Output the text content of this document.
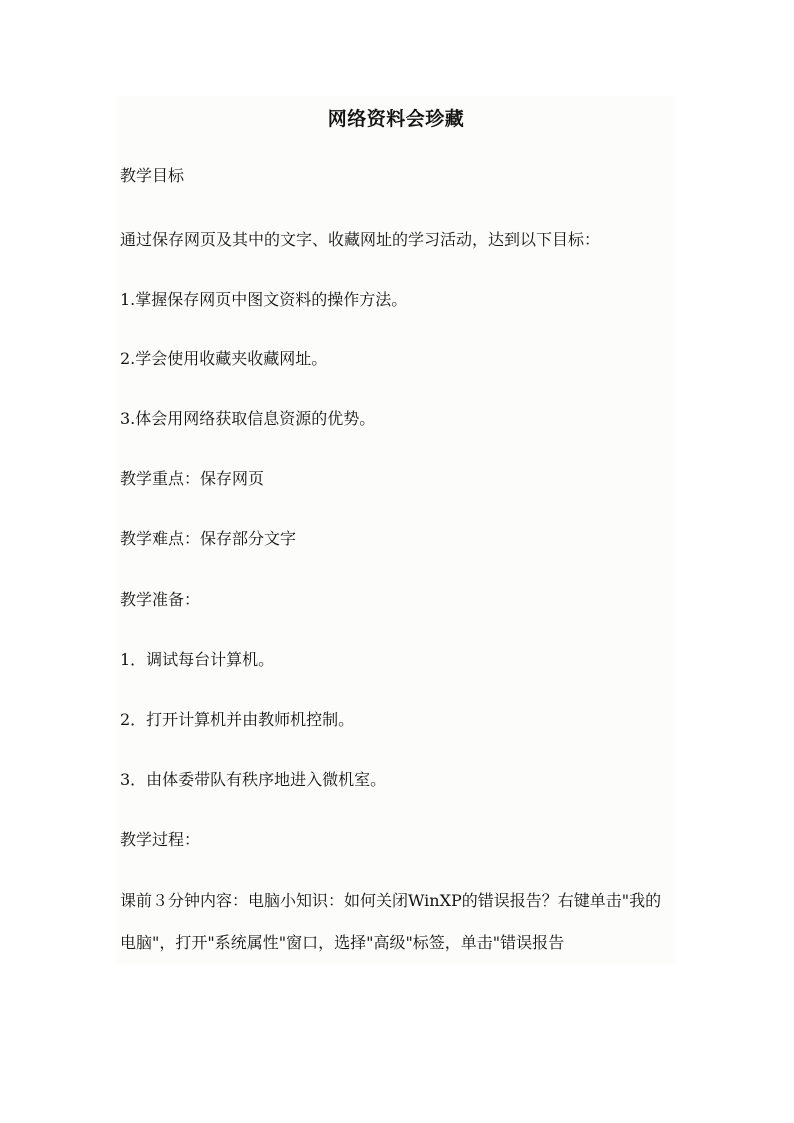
网络资料会珍藏

教学目标

通过保存网页及其中的文字、收藏网址的学习活动，达到以下目标：

1.掌握保存网页中图文资料的操作方法。

2.学会使用收藏夹收藏网址。

3.体会用网络获取信息资源的优势。

教学重点：保存网页

教学难点：保存部分文字

教学准备：

1．调试每台计算机。

2．打开计算机并由教师机控制。

3．由体委带队有秩序地进入微机室。

教学过程：

课前３分钟内容：电脑小知识：如何关闭WinXP的错误报告？右键单击"我的电脑"，打开"系统属性"窗口，选择"高级"标签，单击"错误报告
